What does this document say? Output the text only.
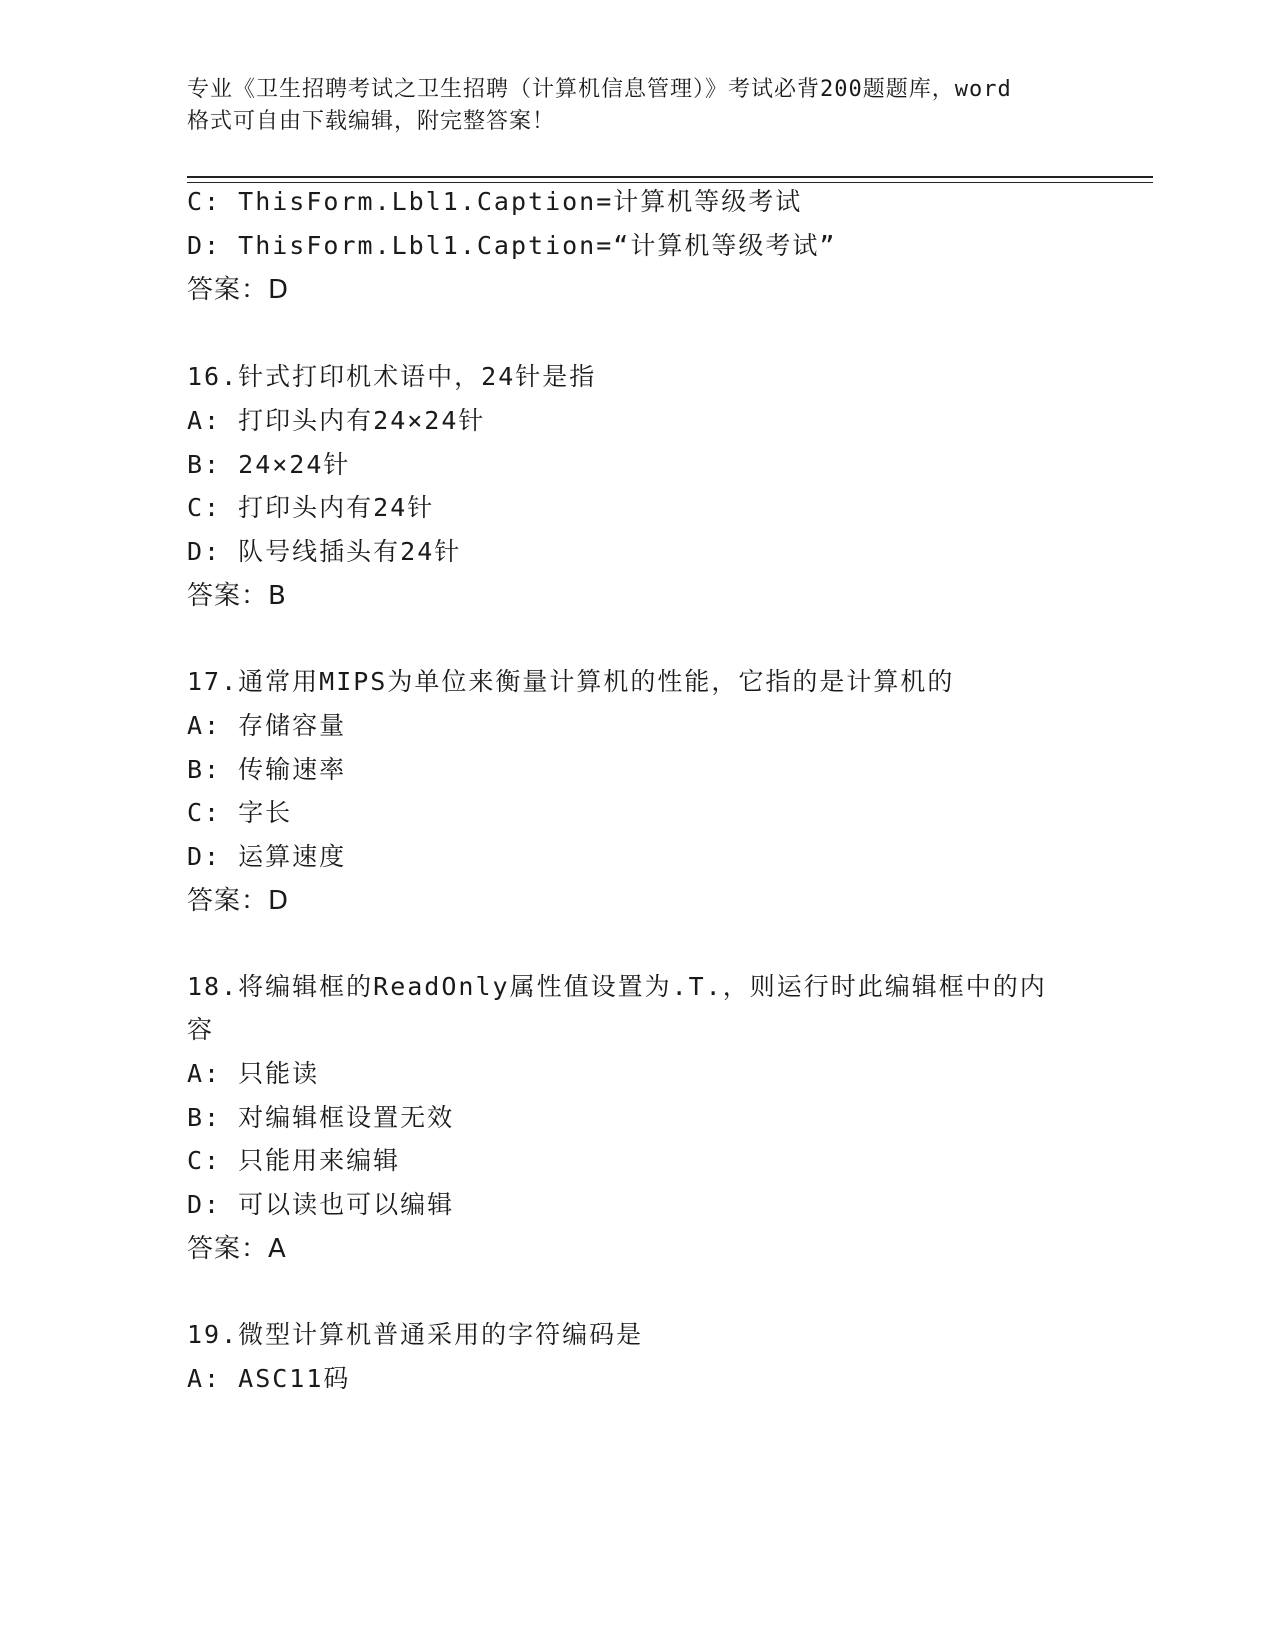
专业《卫生招聘考试之卫生招聘（计算机信息管理）》考试必背200题题库，word
格式可自由下载编辑，附完整答案！
C: ThisForm.Lbl1.Caption=计算机等级考试
D: ThisForm.Lbl1.Caption=“计算机等级考试”
答案：D
16.针式打印机术语中，24针是指
A: 打印头内有24×24针
B: 24×24针
C: 打印头内有24针
D: 队号线插头有24针
答案：B
17.通常用MIPS为单位来衡量计算机的性能，它指的是计算机的
A: 存储容量
B: 传输速率
C: 字长
D: 运算速度
答案：D
18.将编辑框的ReadOnly属性值设置为.T.，则运行时此编辑框中的内
容
A: 只能读
B: 对编辑框设置无效
C: 只能用来编辑
D: 可以读也可以编辑
答案：A
19.微型计算机普通采用的字符编码是
A: ASC11码
